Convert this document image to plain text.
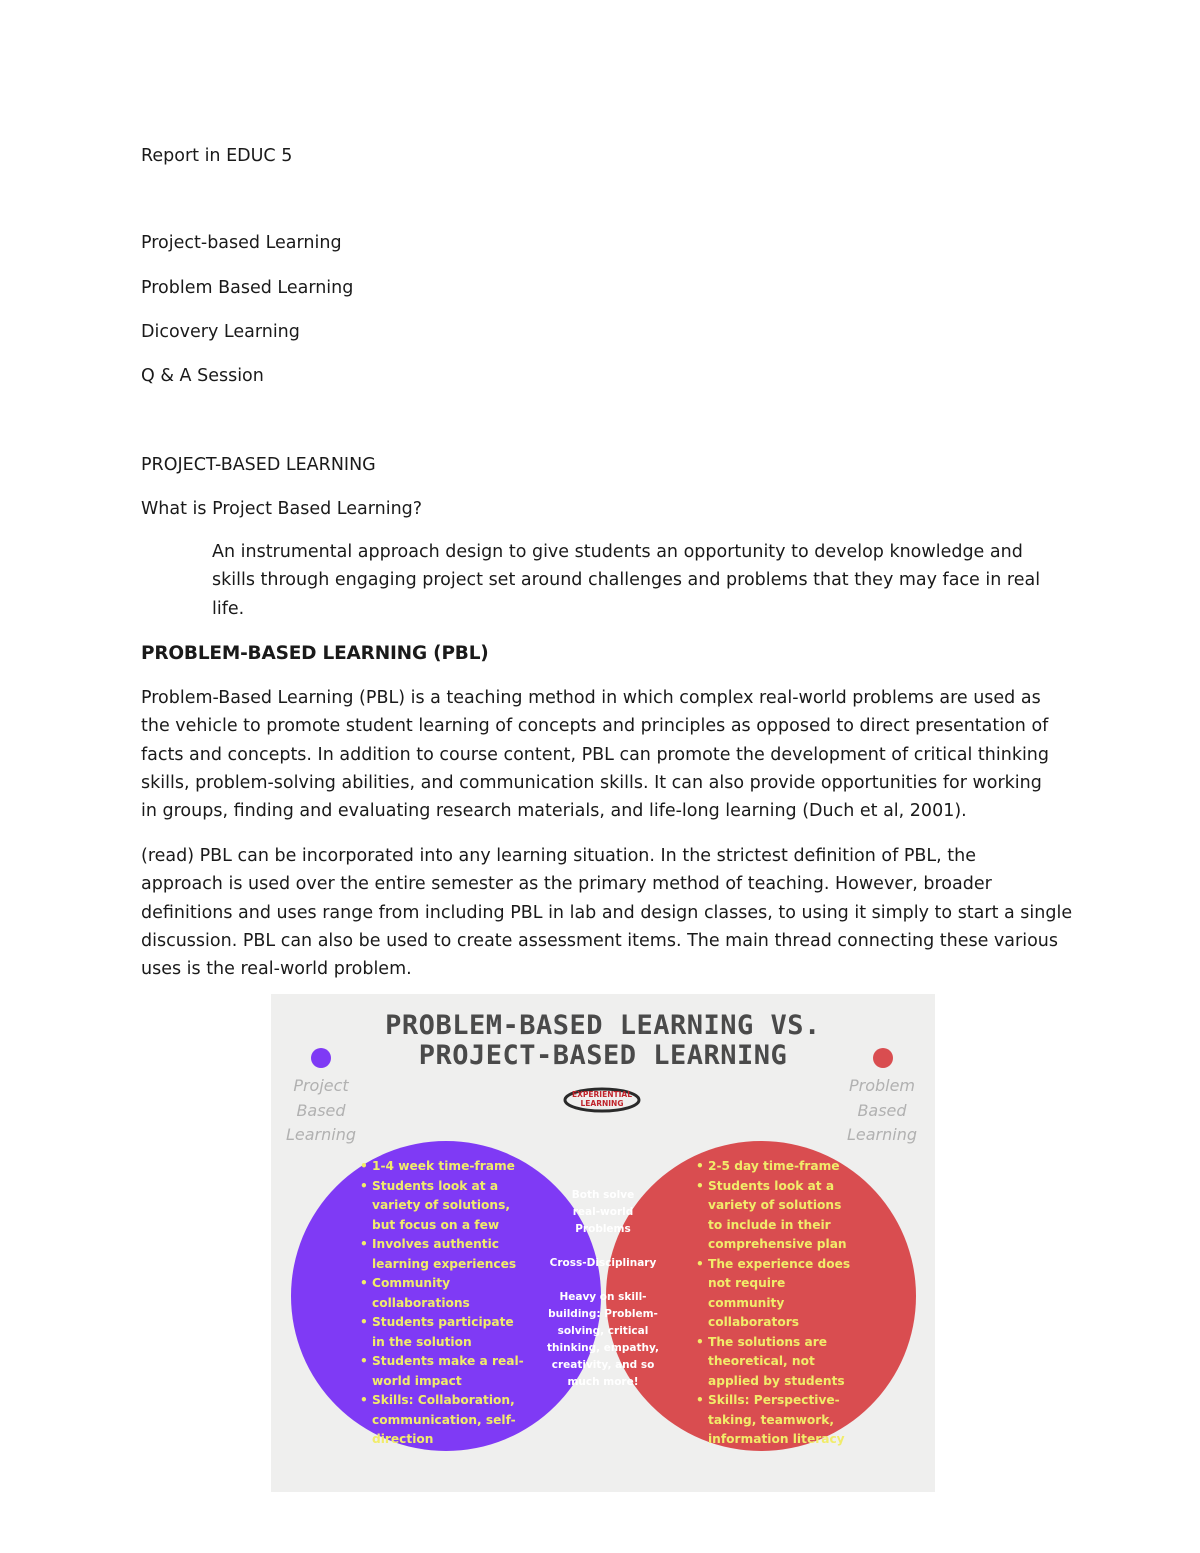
Report in EDUC 5
Project-based Learning
Problem Based Learning
Dicovery Learning
Q & A Session
PROJECT-BASED LEARNING
What is Project Based Learning?
An instrumental approach design to give students an opportunity to develop knowledge and
skills through engaging project set around challenges and problems that they may face in real
life.
PROBLEM-BASED LEARNING (PBL)
Problem-Based Learning (PBL) is a teaching method in which complex real-world problems are used as
the vehicle to promote student learning of concepts and principles as opposed to direct presentation of
facts and concepts. In addition to course content, PBL can promote the development of critical thinking
skills, problem-solving abilities, and communication skills. It can also provide opportunities for working
in groups, finding and evaluating research materials, and life-long learning (Duch et al, 2001).
(read) PBL can be incorporated into any learning situation. In the strictest definition of PBL, the
approach is used over the entire semester as the primary method of teaching. However, broader
definitions and uses range from including PBL in lab and design classes, to using it simply to start a single
discussion. PBL can also be used to create assessment items. The main thread connecting these various
uses is the real-world problem.
PROBLEM-BASED LEARNING VS.
PROJECT-BASED LEARNING
EXPERIENTIAL
LEARNING
Project
Based
Learning
Problem
Based
Learning
• 1-4 week time-frame
• Students look at a
variety of solutions,
but focus on a few
• Involves authentic
learning experiences
• Community
collaborations
• Students participate
in the solution
• Students make a real-
world impact
• Skills: Collaboration,
communication, self-
direction
• 2-5 day time-frame
• Students look at a
variety of solutions
to include in their
comprehensive plan
• The experience does
not require
community
collaborators
• The solutions are
theoretical, not
applied by students
• Skills: Perspective-
taking, teamwork,
information literacy
Both solve
real-world
Problems
Cross-Disciplinary
Heavy on skill-
building: Problem-
solving, critical
thinking, empathy,
creativity, and so
much more!
